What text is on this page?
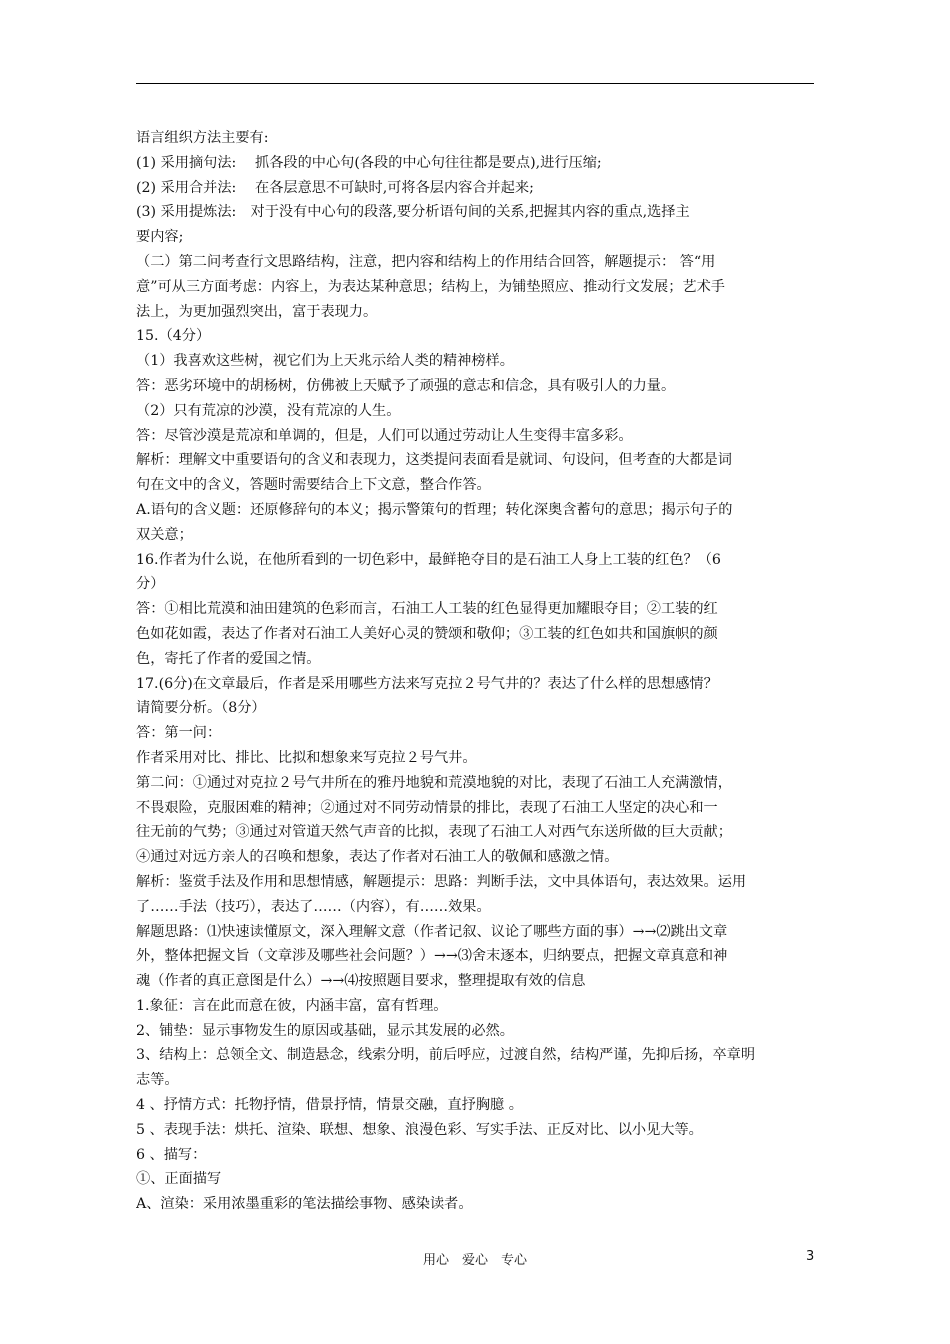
语言组织方法主要有:
(1) 采用摘句法:　 抓各段的中心句(各段的中心句往往都是要点),进行压缩;
(2) 采用合并法:　 在各层意思不可缺时,可将各层内容合并起来;
(3) 采用提炼法:　对于没有中心句的段落,要分析语句间的关系,把握其内容的重点,选择主
要内容;
（二）第二问考查行文思路结构，注意，把内容和结构上的作用结合回答，解题提示： 答“用
意”可从三方面考虑：内容上，为表达某种意思；结构上，为铺垫照应、推动行文发展；艺术手
法上，为更加强烈突出，富于表现力。
15.（4分）
（1）我喜欢这些树，视它们为上天兆示给人类的精神榜样。
答：恶劣环境中的胡杨树，仿佛被上天赋予了顽强的意志和信念，具有吸引人的力量。
（2）只有荒凉的沙漠，没有荒凉的人生。
答：尽管沙漠是荒凉和单调的，但是，人们可以通过劳动让人生变得丰富多彩。
解析：理解文中重要语句的含义和表现力，这类提问表面看是就词、句设问，但考查的大都是词
句在文中的含义，答题时需要结合上下文意，整合作答。
A.语句的含义题：还原修辞句的本义；揭示警策句的哲理；转化深奥含蓄句的意思；揭示句子的
双关意；
16.作者为什么说，在他所看到的一切色彩中，最鲜艳夺目的是石油工人身上工装的红色？（6
分）
答：①相比荒漠和油田建筑的色彩而言，石油工人工装的红色显得更加耀眼夺目；②工装的红
色如花如霞，表达了作者对石油工人美好心灵的赞颂和敬仰；③工装的红色如共和国旗帜的颜
色，寄托了作者的爱国之情。
17.(6分)在文章最后，作者是采用哪些方法来写克拉２号气井的？表达了什么样的思想感情？
请简要分析。（8分）
答：第一问：
作者采用对比、排比、比拟和想象来写克拉２号气井。
第二问：①通过对克拉２号气井所在的雅丹地貌和荒漠地貌的对比，表现了石油工人充满激情，
不畏艰险，克服困难的精神；②通过对不同劳动情景的排比，表现了石油工人坚定的决心和一
往无前的气势；③通过对管道天然气声音的比拟，表现了石油工人对西气东送所做的巨大贡献；
④通过对远方亲人的召唤和想象，表达了作者对石油工人的敬佩和感激之情。
解析：鉴赏手法及作用和思想情感，解题提示：思路：判断手法，文中具体语句，表达效果。运用
了……手法（技巧），表达了……（内容），有……效果。
解题思路：⑴快速读懂原文，深入理解文意（作者记叙、议论了哪些方面的事）→→⑵跳出文章
外，整体把握文旨（文章涉及哪些社会问题？）→→⑶舍末逐本，归纳要点，把握文章真意和神
魂（作者的真正意图是什么）→→⑷按照题目要求，整理提取有效的信息
1.象征：言在此而意在彼，内涵丰富，富有哲理。
2、铺垫：显示事物发生的原因或基础，显示其发展的必然。
3、结构上：总领全文、制造悬念，线索分明，前后呼应，过渡自然，结构严谨，先抑后扬，卒章明
志等。
4 、抒情方式：托物抒情，借景抒情，情景交融，直抒胸臆 。
5 、表现手法：烘托、渲染、联想、想象、浪漫色彩、写实手法、正反对比、以小见大等。
6 、描写：
①、正面描写
A、渲染：采用浓墨重彩的笔法描绘事物、感染读者。
用心　爱心　专心	3
